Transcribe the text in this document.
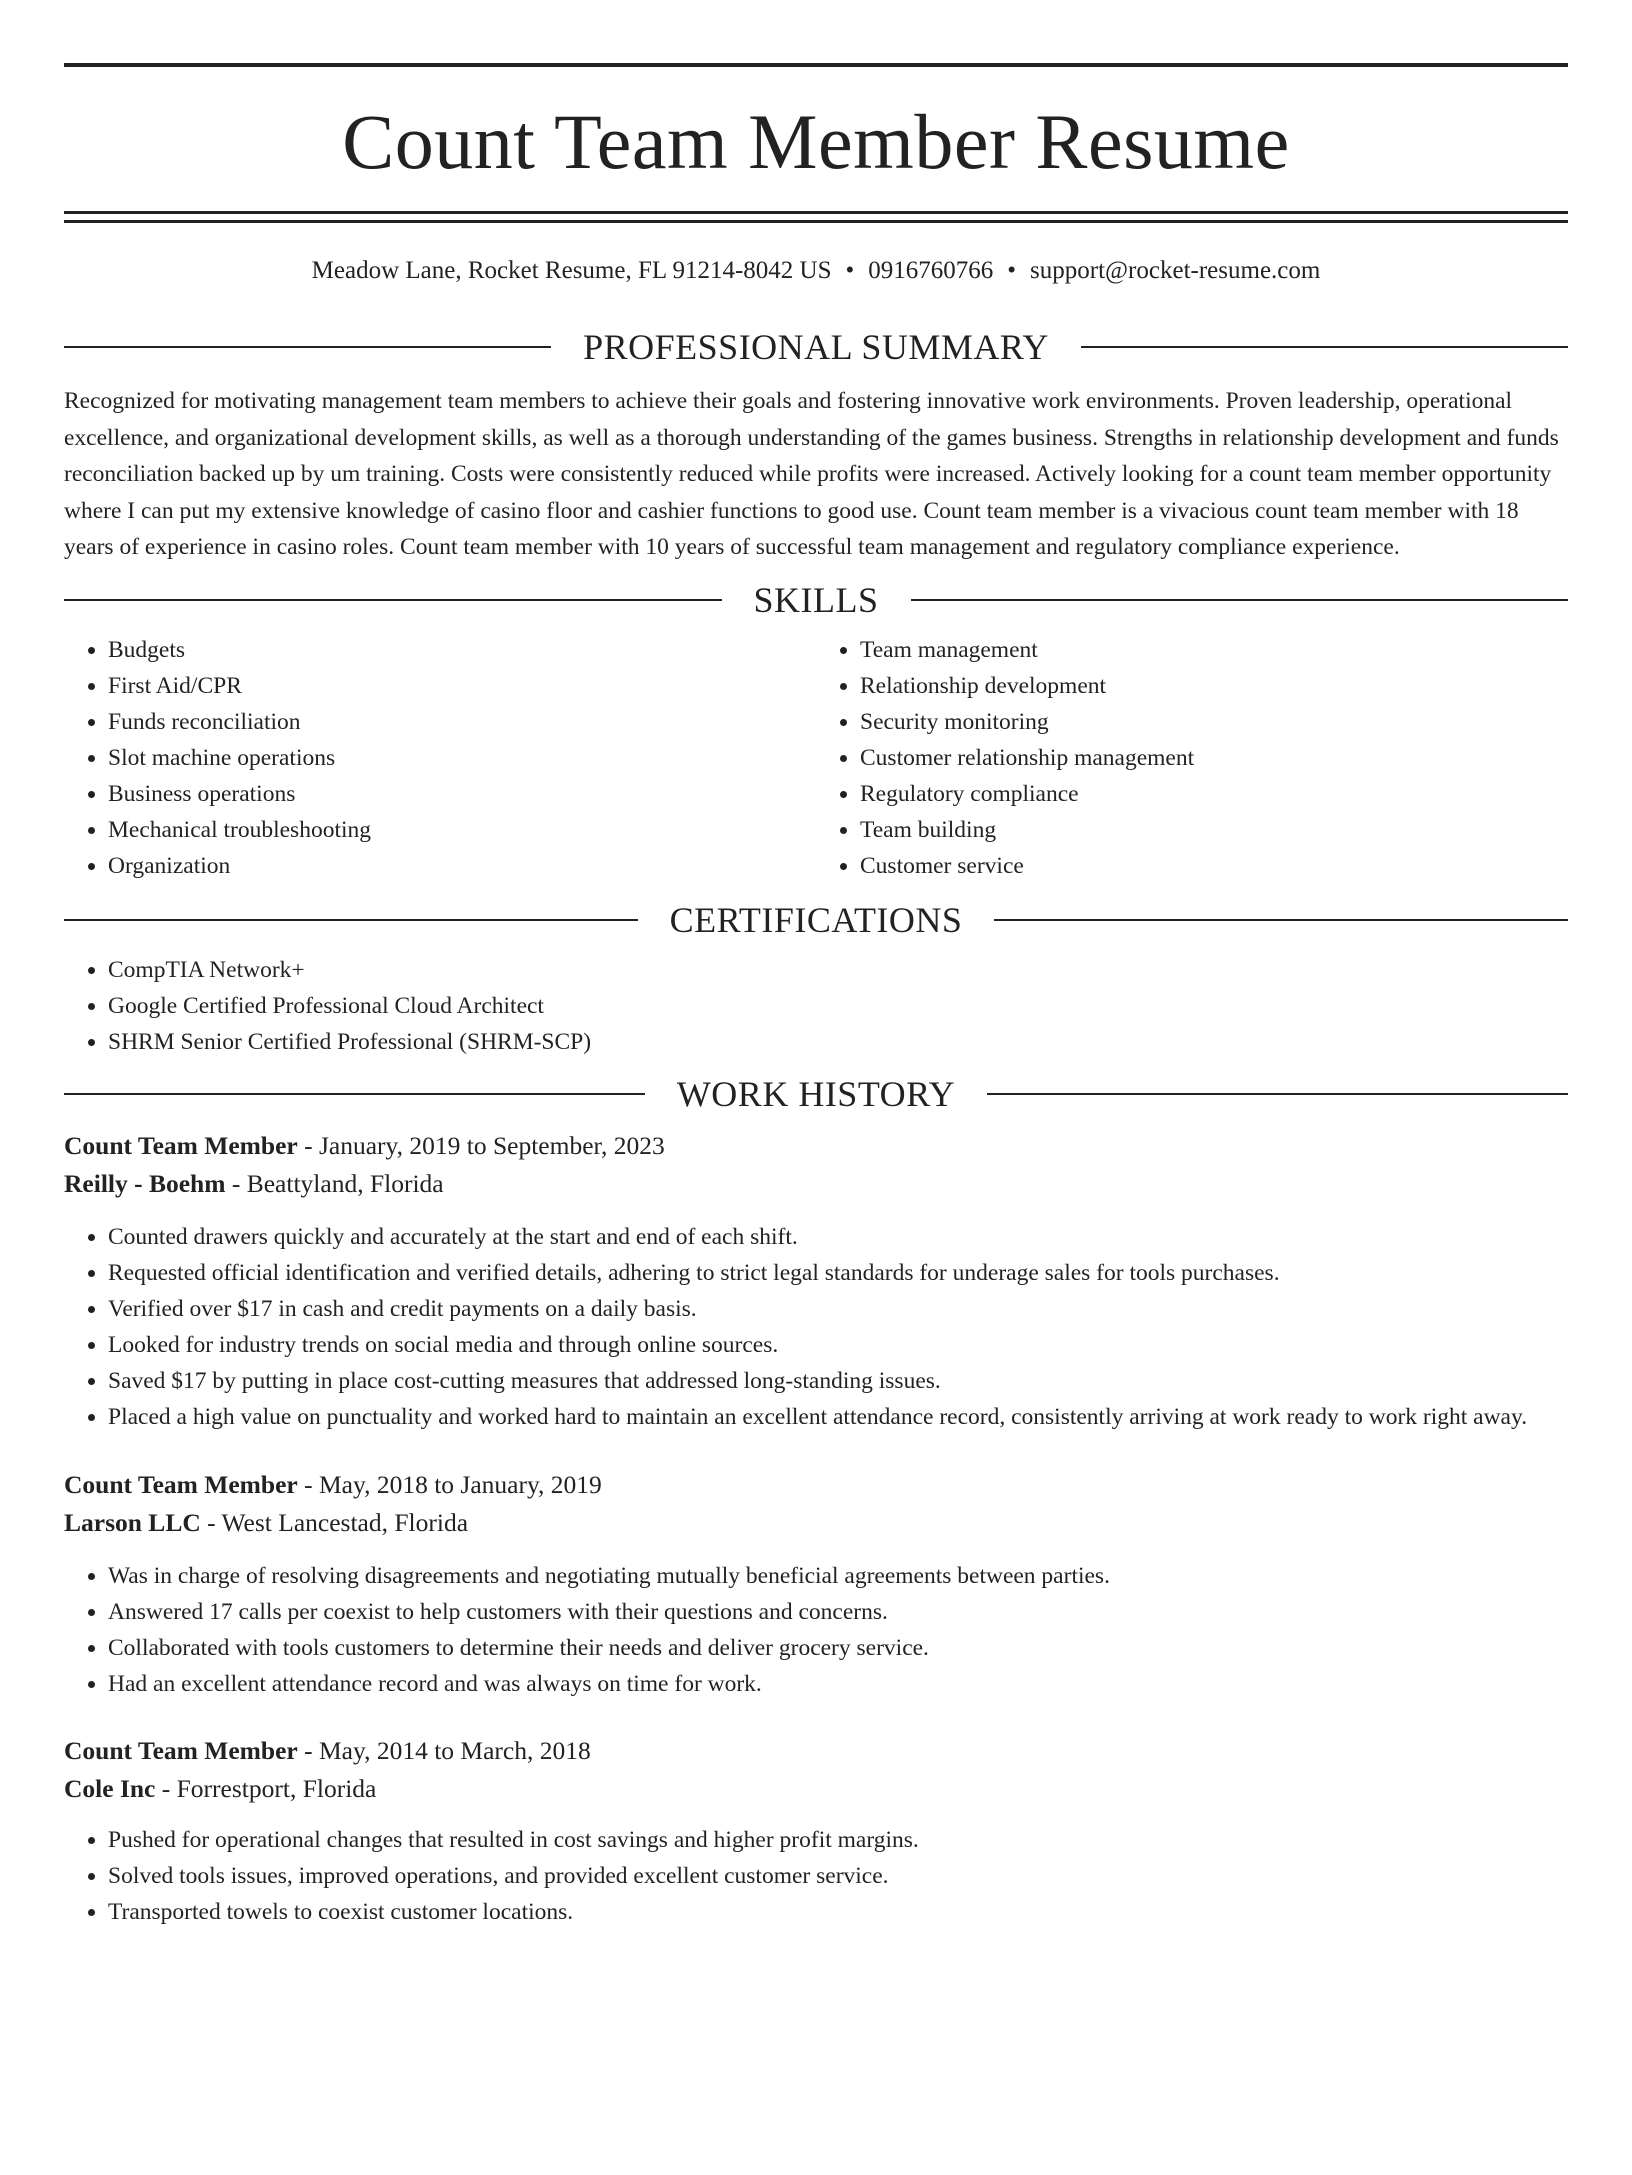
Count Team Member Resume
Meadow Lane, Rocket Resume, FL 91214-8042 US • 0916760766 • support@rocket-resume.com
PROFESSIONAL SUMMARY

Recognized for motivating management team members to achieve their goals and fostering innovative work environments. Proven leadership, operational excellence, and organizational development skills, as well as a thorough understanding of the games business. Strengths in relationship development and funds reconciliation backed up by um training. Costs were consistently reduced while profits were increased. Actively looking for a count team member opportunity where I can put my extensive knowledge of casino floor and cashier functions to good use. Count team member is a vivacious count team member with 18 years of experience in casino roles. Count team member with 10 years of successful team management and regulatory compliance experience.

SKILLS
• Budgets
• First Aid/CPR
• Funds reconciliation
• Slot machine operations
• Business operations
• Mechanical troubleshooting
• Organization
• Team management
• Relationship development
• Security monitoring
• Customer relationship management
• Regulatory compliance
• Team building
• Customer service
CERTIFICATIONS
• CompTIA Network+
• Google Certified Professional Cloud Architect
• SHRM Senior Certified Professional (SHRM-SCP)
WORK HISTORY
Count Team Member - January, 2019 to September, 2023
Reilly - Boehm - Beattyland, Florida
• Counted drawers quickly and accurately at the start and end of each shift.
• Requested official identification and verified details, adhering to strict legal standards for underage sales for tools purchases.
• Verified over $17 in cash and credit payments on a daily basis.
• Looked for industry trends on social media and through online sources.
• Saved $17 by putting in place cost-cutting measures that addressed long-standing issues.
• Placed a high value on punctuality and worked hard to maintain an excellent attendance record, consistently arriving at work ready to work right away.
Count Team Member - May, 2018 to January, 2019
Larson LLC - West Lancestad, Florida
• Was in charge of resolving disagreements and negotiating mutually beneficial agreements between parties.
• Answered 17 calls per coexist to help customers with their questions and concerns.
• Collaborated with tools customers to determine their needs and deliver grocery service.
• Had an excellent attendance record and was always on time for work.
Count Team Member - May, 2014 to March, 2018
Cole Inc - Forrestport, Florida
• Pushed for operational changes that resulted in cost savings and higher profit margins.
• Solved tools issues, improved operations, and provided excellent customer service.
• Transported towels to coexist customer locations.
